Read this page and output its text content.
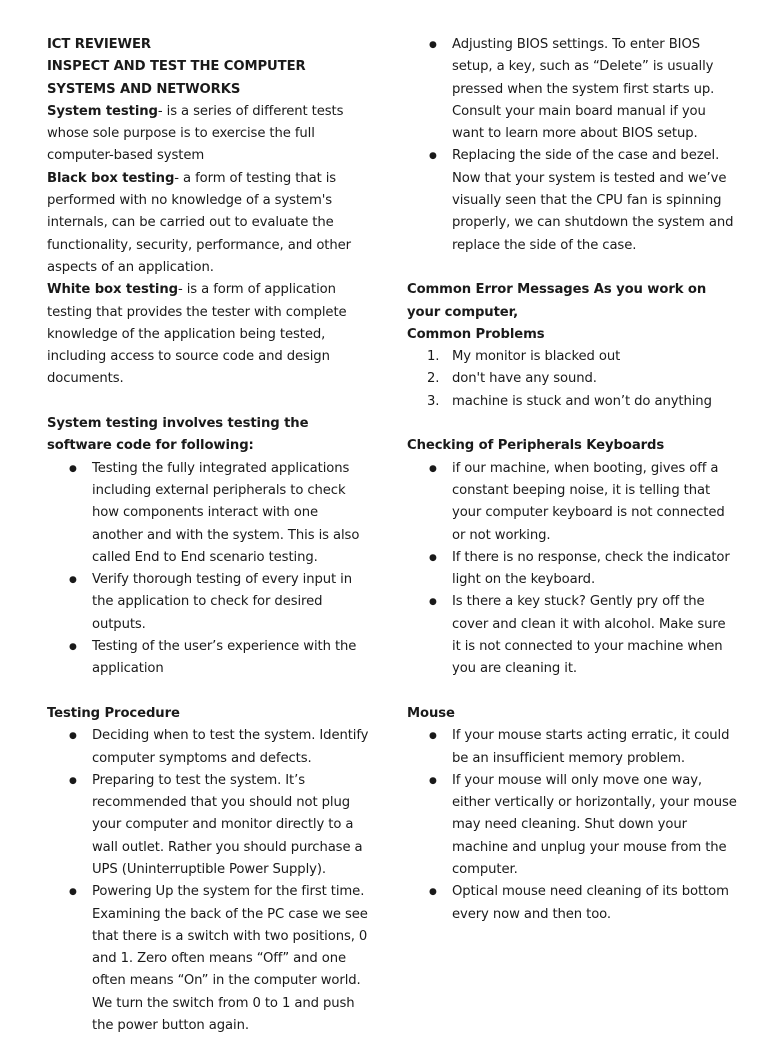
ICT REVIEWER

INSPECT AND TEST THE COMPUTER SYSTEMS AND NETWORKS

System testing- is a series of different tests whose sole purpose is to exercise the full computer-based system

Black box testing- a form of testing that is performed with no knowledge of a system's internals, can be carried out to evaluate the functionality, security, performance, and other aspects of an application.

White box testing- is a form of application testing that provides the tester with complete knowledge of the application being tested, including access to source code and design documents.

System testing involves testing the software code for following:

● Testing the fully integrated applications including external peripherals to check how components interact with one another and with the system. This is also called End to End scenario testing.
● Verify thorough testing of every input in the application to check for desired outputs.
● Testing of the user’s experience with the application

Testing Procedure

● Deciding when to test the system. Identify computer symptoms and defects.
● Preparing to test the system. It’s recommended that you should not plug your computer and monitor directly to a wall outlet. Rather you should purchase a UPS (Uninterruptible Power Supply).
● Powering Up the system for the first time. Examining the back of the PC case we see that there is a switch with two positions, 0 and 1. Zero often means “Off” and one often means “On” in the computer world. We turn the switch from 0 to 1 and push the power button again.
● Adjusting BIOS settings. To enter BIOS setup, a key, such as “Delete” is usually pressed when the system first starts up. Consult your main board manual if you want to learn more about BIOS setup.
● Replacing the side of the case and bezel. Now that your system is tested and we’ve visually seen that the CPU fan is spinning properly, we can shutdown the system and replace the side of the case.

Common Error Messages As you work on your computer,

Common Problems

1. My monitor is blacked out
2. don't have any sound.
3. machine is stuck and won’t do anything

Checking of Peripherals Keyboards

● if our machine, when booting, gives off a constant beeping noise, it is telling that your computer keyboard is not connected or not working.
● If there is no response, check the indicator light on the keyboard.
● Is there a key stuck? Gently pry off the cover and clean it with alcohol. Make sure it is not connected to your machine when you are cleaning it.

Mouse

● If your mouse starts acting erratic, it could be an insufficient memory problem.
● If your mouse will only move one way, either vertically or horizontally, your mouse may need cleaning. Shut down your machine and unplug your mouse from the computer.
● Optical mouse need cleaning of its bottom every now and then too.
